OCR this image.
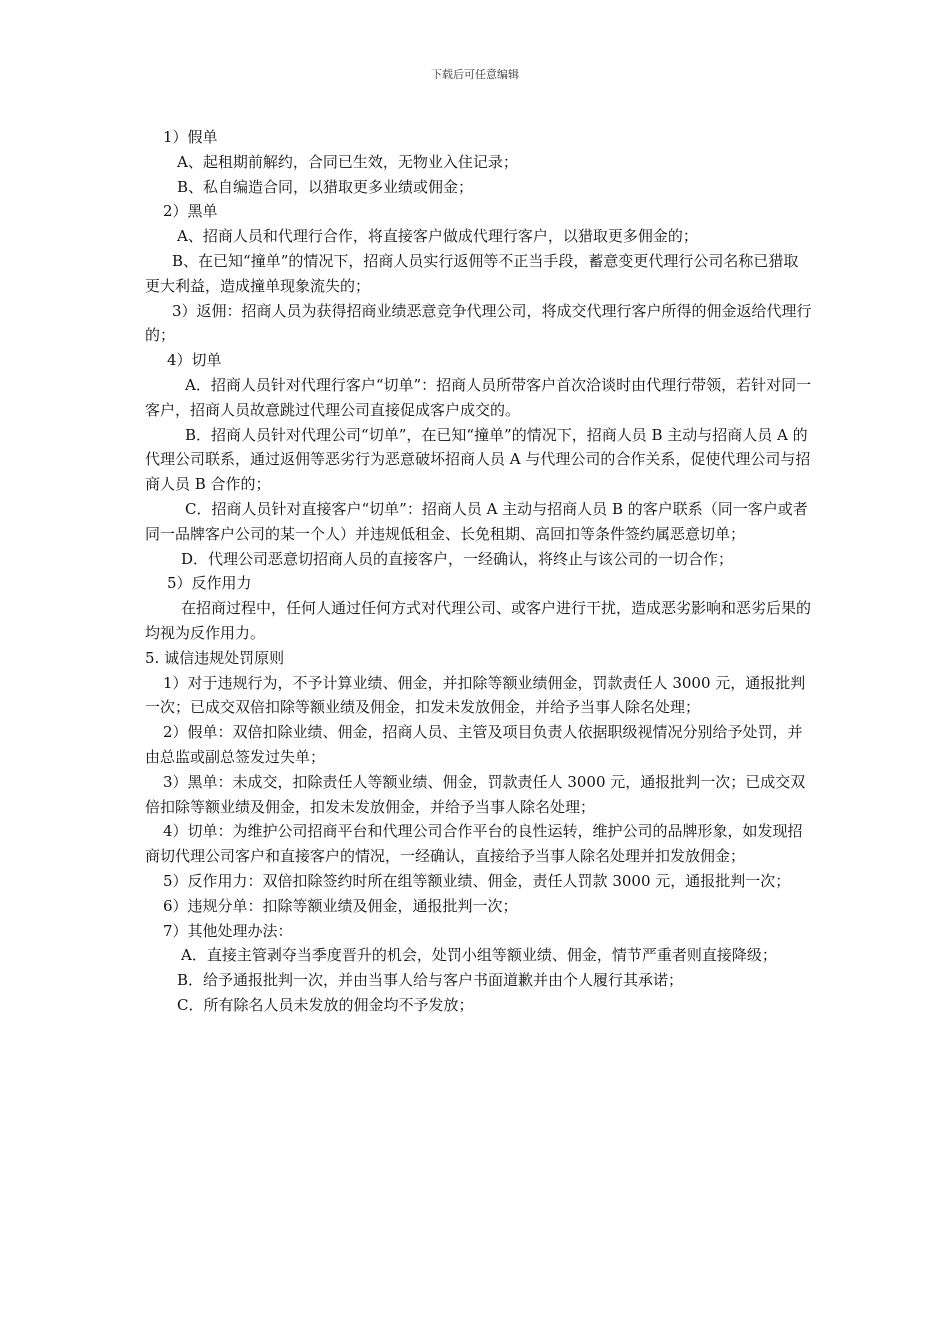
下载后可任意编辑

1）假单

A、起租期前解约，合同已生效，无物业入住记录；

B、私自编造合同，以猎取更多业绩或佣金；

2）黑单

A、招商人员和代理行合作，将直接客户做成代理行客户，以猎取更多佣金的；

B、在已知“撞单”的情况下，招商人员实行返佣等不正当手段，蓄意变更代理行公司名称已猎取更大利益，造成撞单现象流失的；

3）返佣：招商人员为获得招商业绩恶意竞争代理公司，将成交代理行客户所得的佣金返给代理行的；

4）切单

A．招商人员针对代理行客户“切单”：招商人员所带客户首次洽谈时由代理行带领，若针对同一客户，招商人员故意跳过代理公司直接促成客户成交的。

B．招商人员针对代理公司“切单”，在已知“撞单”的情况下，招商人员 B 主动与招商人员 A 的代理公司联系，通过返佣等恶劣行为恶意破坏招商人员 A 与代理公司的合作关系，促使代理公司与招商人员 B 合作的；

C．招商人员针对直接客户“切单”：招商人员 A 主动与招商人员 B 的客户联系（同一客户或者同一品牌客户公司的某一个人）并违规低租金、长免租期、高回扣等条件签约属恶意切单；

D．代理公司恶意切招商人员的直接客户，一经确认，将终止与该公司的一切合作；

5）反作用力

在招商过程中，任何人通过任何方式对代理公司、或客户进行干扰，造成恶劣影响和恶劣后果的均视为反作用力。

5. 诚信违规处罚原则

1）对于违规行为，不予计算业绩、佣金，并扣除等额业绩佣金，罚款责任人 3000 元，通报批判一次；已成交双倍扣除等额业绩及佣金，扣发未发放佣金，并给予当事人除名处理；

2）假单：双倍扣除业绩、佣金，招商人员、主管及项目负责人依据职级视情况分别给予处罚，并由总监或副总签发过失单；

3）黑单：未成交，扣除责任人等额业绩、佣金，罚款责任人 3000 元，通报批判一次；已成交双倍扣除等额业绩及佣金，扣发未发放佣金，并给予当事人除名处理；

4）切单：为维护公司招商平台和代理公司合作平台的良性运转，维护公司的品牌形象，如发现招商切代理公司客户和直接客户的情况，一经确认，直接给予当事人除名处理并扣发放佣金；

5）反作用力：双倍扣除签约时所在组等额业绩、佣金，责任人罚款 3000 元，通报批判一次；

6）违规分单：扣除等额业绩及佣金，通报批判一次；

7）其他处理办法：

A．直接主管剥夺当季度晋升的机会，处罚小组等额业绩、佣金，情节严重者则直接降级；

B．给予通报批判一次，并由当事人给与客户书面道歉并由个人履行其承诺；

C．所有除名人员未发放的佣金均不予发放；
